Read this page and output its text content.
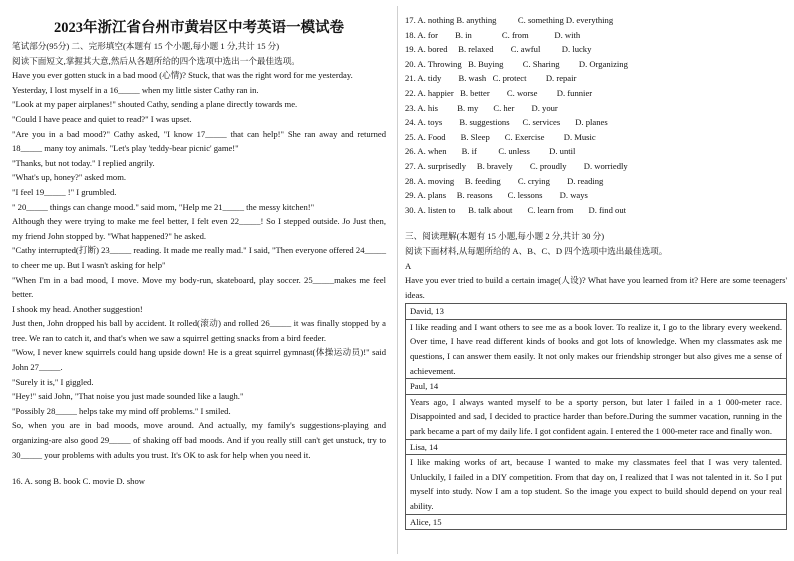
2023年浙江省台州市黄岩区中考英语一模试卷

笔试部分(95分) 二、完形填空(本题有 15 个小题,每小题 1 分,共计 15 分)

阅读下面短文,掌握其大意,然后从各题所给的四个选项中选出一个最佳选项。

Have you ever gotten stuck in a bad mood (心情)? Stuck, that was the right word for me yesterday.

Yesterday, I lost myself in a 16_____ when my little sister Cathy ran in.

"Look at my paper airplanes!" shouted Cathy, sending a plane directly towards me.

"Could I have peace and quiet to read?" I was upset.

"Are you in a bad mood?" Cathy asked, "I know 17_____ that can help!" She ran away and returned 18_____ many toy animals. "Let's play 'teddy-bear picnic' game!"

"Thanks, but not today." I replied angrily.

"What's up, honey?" asked mom.

"I feel 19_____ !" I grumbled.

" 20_____ things can change mood." said mom, "Help me 21_____ the messy kitchen!"

Although they were trying to make me feel better, I felt even 22_____! So I stepped outside. Jo Just then, my friend John stopped by. "What happened?" he asked.

"Cathy interrupted(打断) 23_____ reading. It made me really mad." I said, "Then everyone offered 24_____ to cheer me up. But I wasn't asking for help"

"When I'm in a bad mood, I move. Move my body-run, skateboard, play soccer. 25_____makes me feel better.

I shook my head. Another suggestion!

Just then, John dropped his ball by accident. It rolled(滚动) and rolled 26_____ it was finally stopped by a tree. We ran to catch it, and that's when we saw a squirrel getting snacks from a bird feeder.

"Wow, I never knew squirrels could hang upside down! He is a great squirrel gymnast(体操运动员)!" said John 27_____.

"Surely it is," I giggled.

"Hey!" said John, "That noise you just made sounded like a laugh."

"Possibly 28_____ helps take my mind off problems." I smiled.

So, when you are in bad moods, move around. And actually, my family's suggestions-playing and organizing-are also good 29_____ of shaking off bad moods. And if you really still can't get unstuck, try to 30_____ your problems with adults you trust. It's OK to ask for help when you need it.

16. A. song B. book C. movie D. show

17. A. nothing B. anything          C. something D. everything

18. A. for        B. in              C. from            D. with

19. A. bored     B. relaxed        C. awful          D. lucky

20. A. Throwing   B. Buying         C. Sharing         D. Organizing

21. A. tidy        B. wash   C. protect         D. repair

22. A. happier   B. better        C. worse         D. funnier

23. A. his         B. my       C. her        D. your

24. A. toys        B. suggestions      C. services       D. planes

25. A. Food       B. Sleep       C. Exercise         D. Music

26. A. when       B. if          C. unless         D. until

27. A. surprisedly     B. bravely        C. proudly        D. worriedly

28. A. moving     B. feeding        C. crying        D. reading

29. A. plans     B. reasons       C. lessons        D. ways

30. A. listen to      B. talk about       C. learn from       D. find out

三、阅读理解(本题有 15 小题,每小题 2 分,共计 30 分)

阅读下面材料,从每题所给的 A、B、C、D 四个选项中选出最佳选项。

A

Have you ever tried to build a certain image(人设)? What have you learned from it? Here are some teenagers' ideas.

David, 13
I like reading and I want others to see me as a book lover. To realize it, I go to the library every weekend. Over time, I have read different kinds of books and got lots of knowledge. When my classmates ask me questions, I can answer them easily. It not only makes our friendship stronger but also gives me a sense of achievement.
Paul, 14
Years ago, I always wanted myself to be a sporty person, but later I failed in a 1 000-meter race. Disappointed and sad, I decided to practice harder than before.During the summer vacation, running in the park became a part of my daily life. I got confident again. I entered the 1 000-meter race and finally won.
Lisa, 14
I like making works of art, because I wanted to make my classmates feel that I was very talented. Unluckily, I failed in a DIY competition. From that day on, I realized that I was not talented in it. So I put myself into study. Now I am a top student. So the image you expect to build should depend on your real ability.
Alice, 15
